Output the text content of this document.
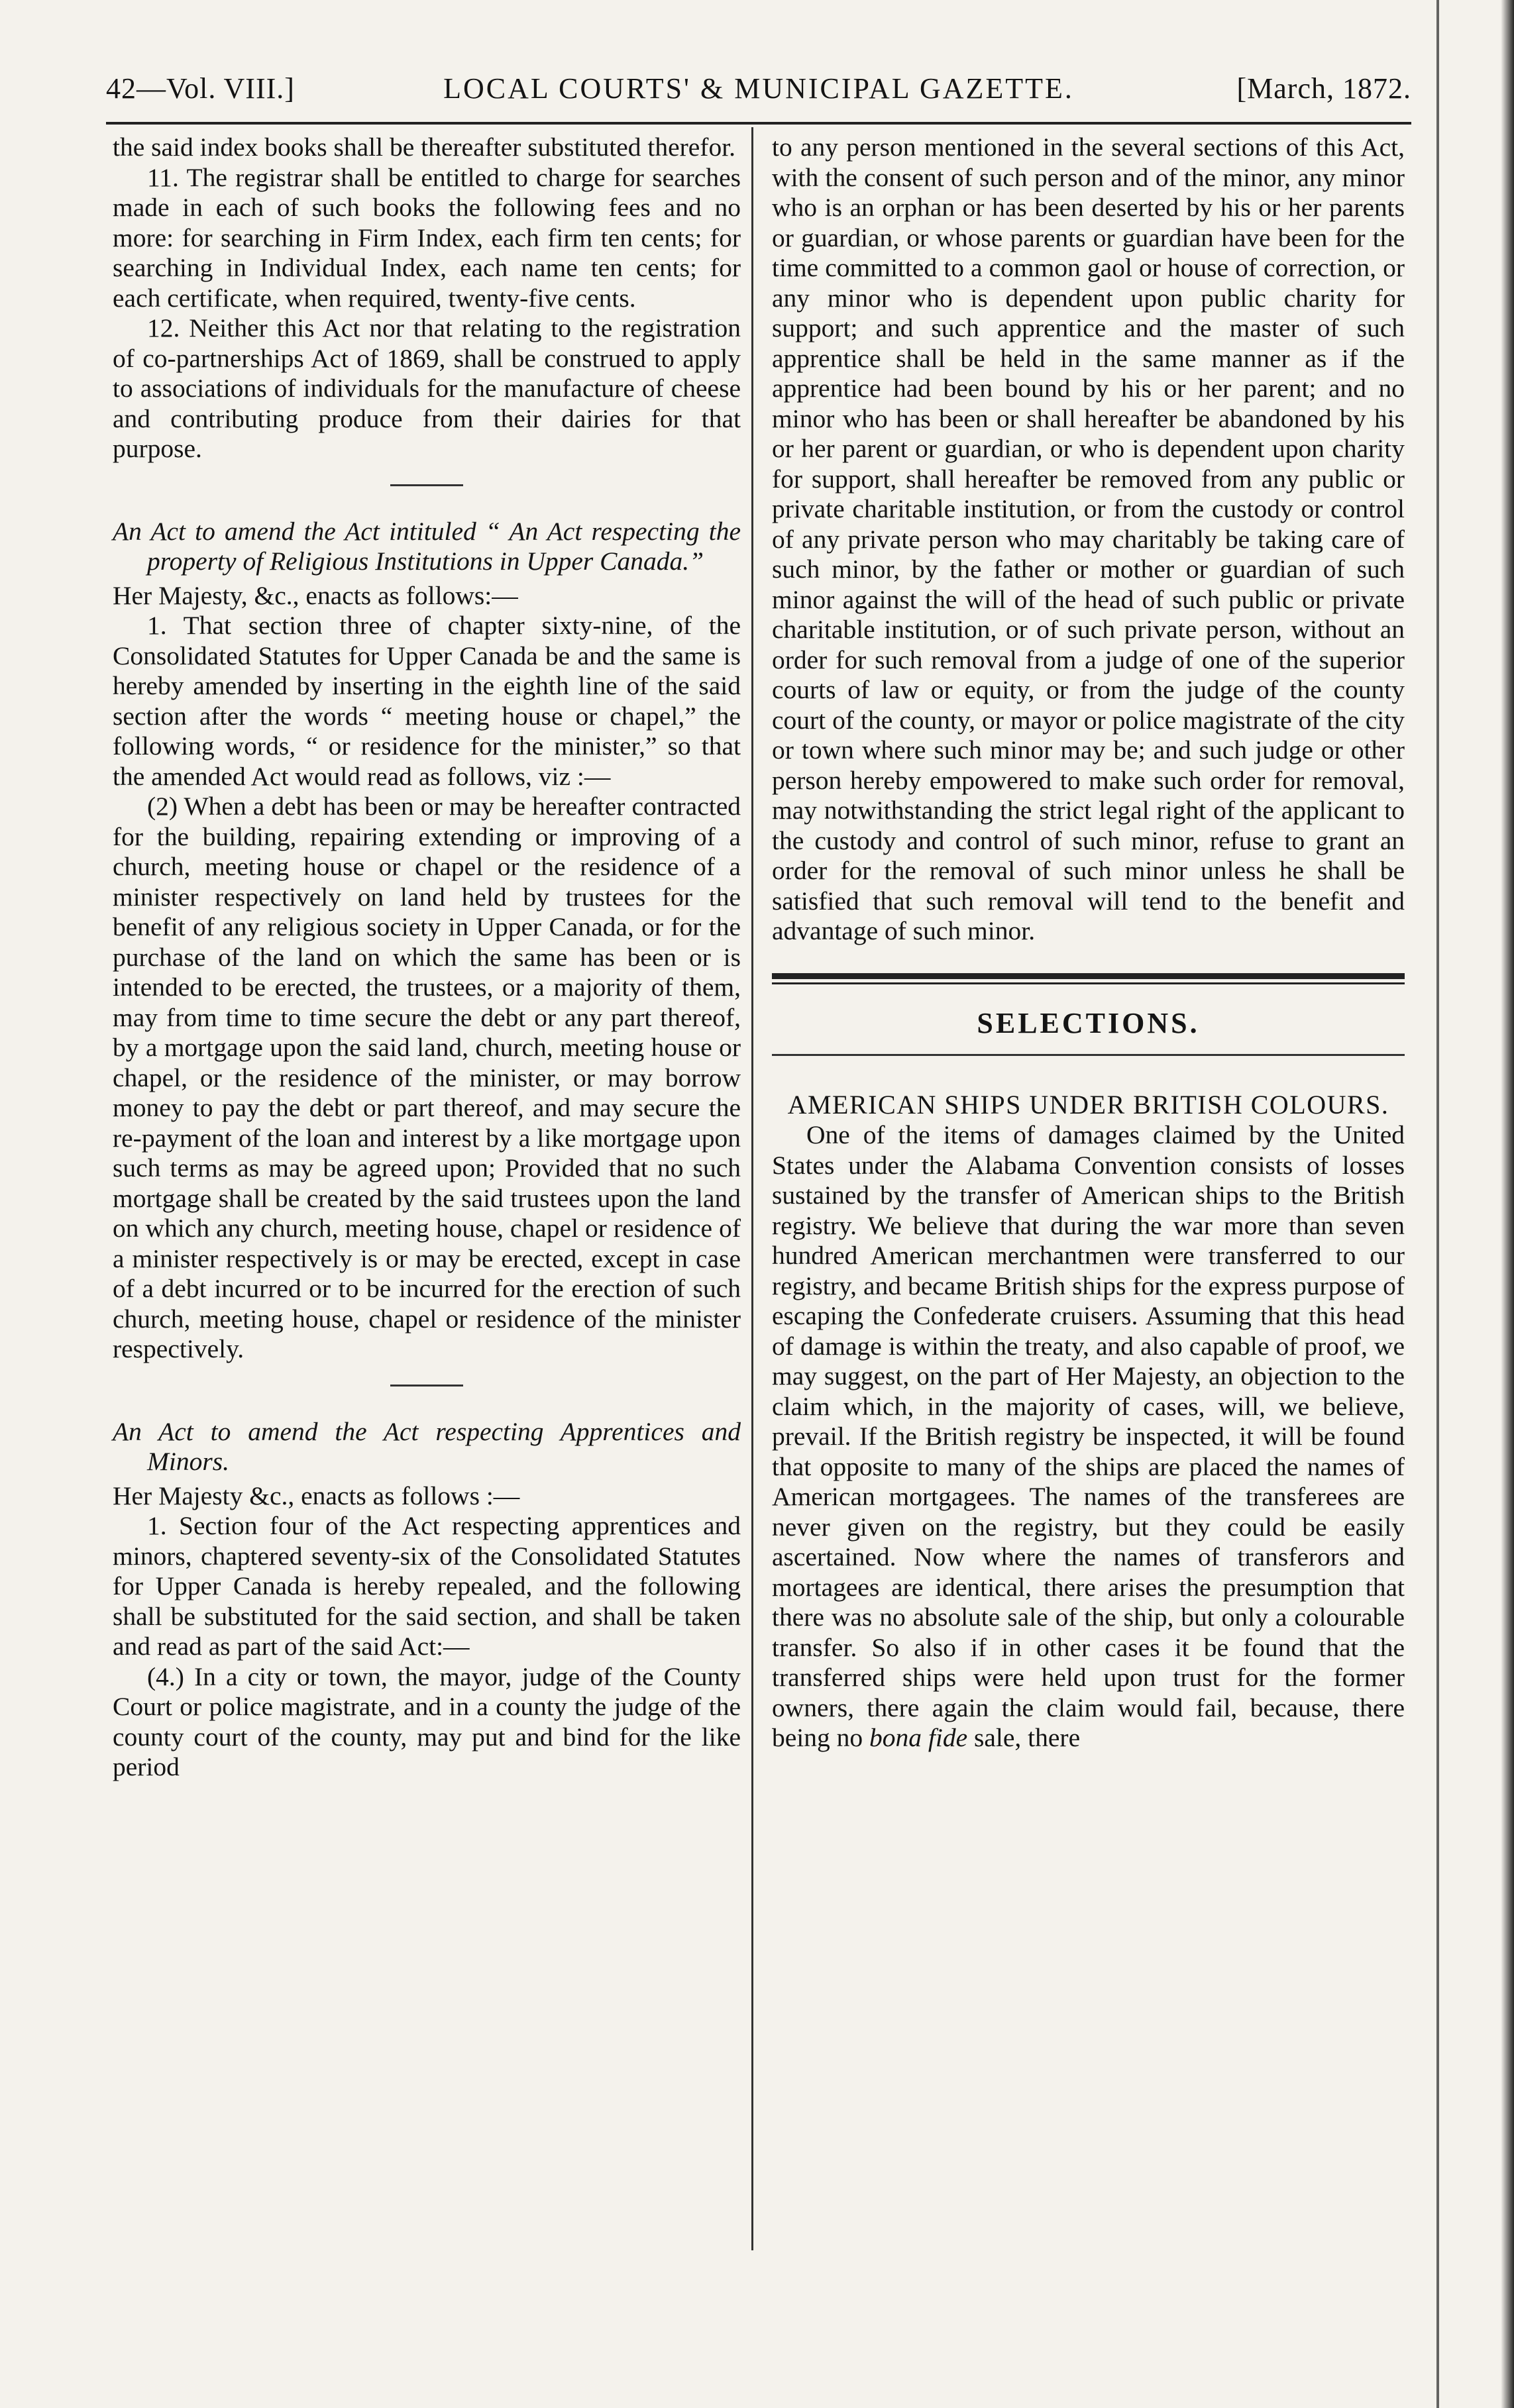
42—Vol. VIII.]	LOCAL COURTS' & MUNICIPAL GAZETTE.	[March, 1872.

the said index books shall be thereafter substituted therefor.

11. The registrar shall be entitled to charge for searches made in each of such books the following fees and no more: for searching in Firm Index, each firm ten cents; for searching in Individual Index, each name ten cents; for each certificate, when required, twenty-five cents.

12. Neither this Act nor that relating to the registration of co-partnerships Act of 1869, shall be construed to apply to associations of individuals for the manufacture of cheese and contributing produce from their dairies for that purpose.

An Act to amend the Act intituled “ An Act respecting the property of Religious Institutions in Upper Canada.”

Her Majesty, &c., enacts as follows:—

1. That section three of chapter sixty-nine, of the Consolidated Statutes for Upper Canada be and the same is hereby amended by inserting in the eighth line of the said section after the words “ meeting house or chapel,” the following words, “ or residence for the minister,” so that the amended Act would read as follows, viz :—

(2) When a debt has been or may be hereafter contracted for the building, repairing extending or improving of a church, meeting house or chapel or the residence of a minister respectively on land held by trustees for the benefit of any religious society in Upper Canada, or for the purchase of the land on which the same has been or is intended to be erected, the trustees, or a majority of them, may from time to time secure the debt or any part thereof, by a mortgage upon the said land, church, meeting house or chapel, or the residence of the minister, or may borrow money to pay the debt or part thereof, and may secure the re-payment of the loan and interest by a like mortgage upon such terms as may be agreed upon; Provided that no such mortgage shall be created by the said trustees upon the land on which any church, meeting house, chapel or residence of a minister respectively is or may be erected, except in case of a debt incurred or to be incurred for the erection of such church, meeting house, chapel or residence of the minister respectively.

An Act to amend the Act respecting Apprentices and Minors.

Her Majesty &c., enacts as follows :—

1. Section four of the Act respecting apprentices and minors, chaptered seventy-six of the Consolidated Statutes for Upper Canada is hereby repealed, and the following shall be substituted for the said section, and shall be taken and read as part of the said Act:—

(4.) In a city or town, the mayor, judge of the County Court or police magistrate, and in a county the judge of the county court of the county, may put and bind for the like period

to any person mentioned in the several sections of this Act, with the consent of such person and of the minor, any minor who is an orphan or has been deserted by his or her parents or guardian, or whose parents or guardian have been for the time committed to a common gaol or house of correction, or any minor who is dependent upon public charity for support; and such apprentice and the master of such apprentice shall be held in the same manner as if the apprentice had been bound by his or her parent; and no minor who has been or shall hereafter be abandoned by his or her parent or guardian, or who is dependent upon charity for support, shall hereafter be removed from any public or private charitable institution, or from the custody or control of any private person who may charitably be taking care of such minor, by the father or mother or guardian of such minor against the will of the head of such public or private charitable institution, or of such private person, without an order for such removal from a judge of one of the superior courts of law or equity, or from the judge of the county court of the county, or mayor or police magistrate of the city or town where such minor may be; and such judge or other person hereby empowered to make such order for removal, may notwithstanding the strict legal right of the applicant to the custody and control of such minor, refuse to grant an order for the removal of such minor unless he shall be satisfied that such removal will tend to the benefit and advantage of such minor.

SELECTIONS.

AMERICAN SHIPS UNDER BRITISH COLOURS.

One of the items of damages claimed by the United States under the Alabama Convention consists of losses sustained by the transfer of American ships to the British registry. We believe that during the war more than seven hundred American merchantmen were transferred to our registry, and became British ships for the express purpose of escaping the Confederate cruisers. Assuming that this head of damage is within the treaty, and also capable of proof, we may suggest, on the part of Her Majesty, an objection to the claim which, in the majority of cases, will, we believe, prevail. If the British registry be inspected, it will be found that opposite to many of the ships are placed the names of American mortgagees. The names of the transferees are never given on the registry, but they could be easily ascertained. Now where the names of transferors and mortagees are identical, there arises the presumption that there was no absolute sale of the ship, but only a colourable transfer. So also if in other cases it be found that the transferred ships were held upon trust for the former owners, there again the claim would fail, because, there being no bona fide sale, there
